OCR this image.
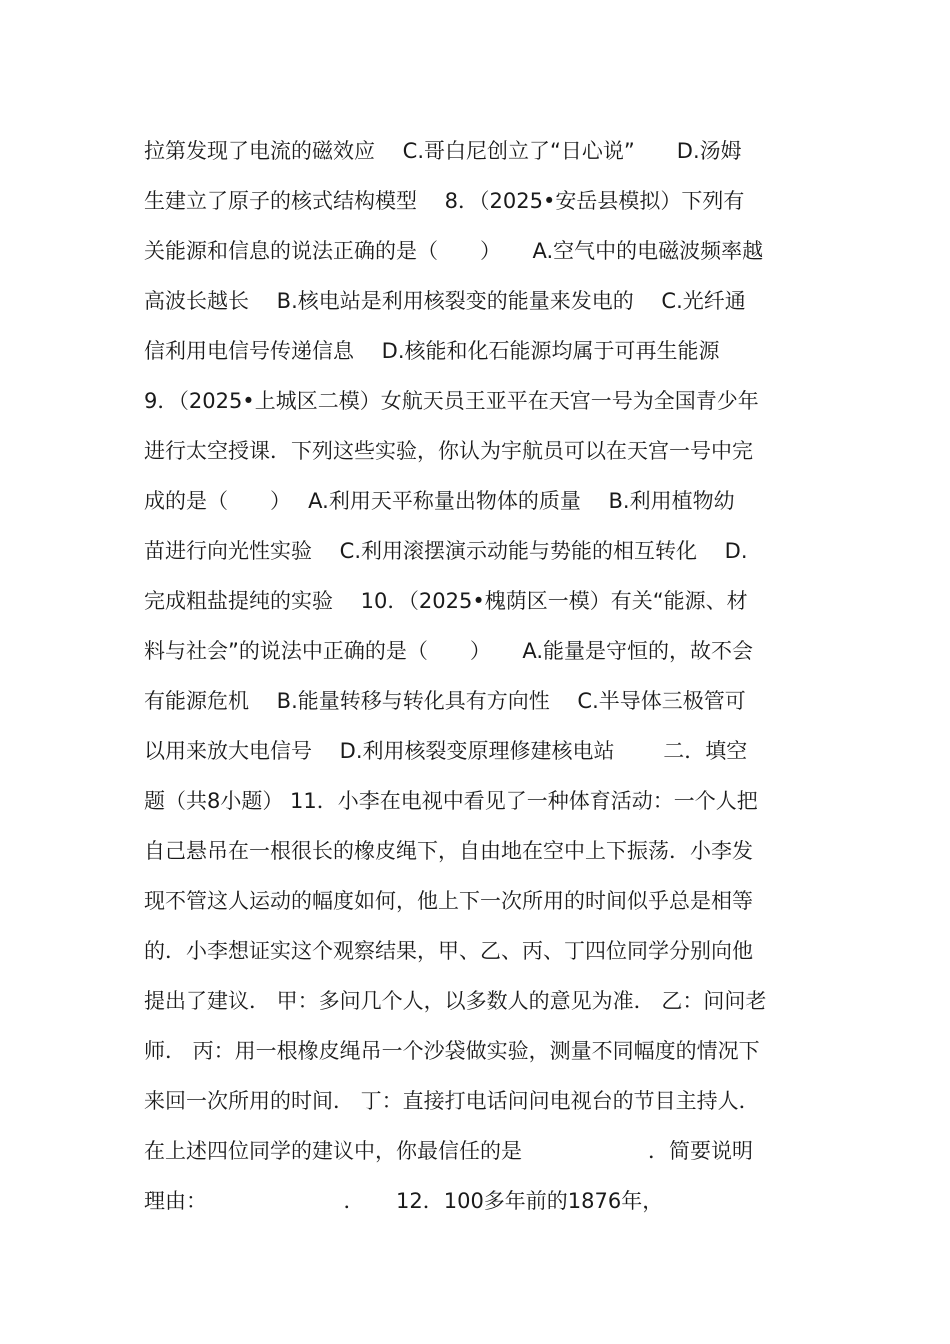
拉第发现了电流的磁效应　 C.哥白尼创立了“日心说”　　D.汤姆
生建立了原子的核式结构模型　 8．（2025•安岳县模拟）下列有
关能源和信息的说法正确的是（　　）　　A.空气中的电磁波频率越
高波长越长　 B.核电站是利用核裂变的能量来发电的　 C.光纤通
信利用电信号传递信息　 D.核能和化石能源均属于可再生能源
9．（2025•上城区二模）女航天员王亚平在天宫一号为全国青少年
进行太空授课．下列这些实验，你认为宇航员可以在天宫一号中完
成的是（　　）　 A.利用天平称量出物体的质量　 B.利用植物幼
苗进行向光性实验　 C.利用滚摆演示动能与势能的相互转化　 D.
完成粗盐提纯的实验　 10．（2025•槐荫区一模）有关“能源、材
料与社会”的说法中正确的是（　　）　　A.能量是守恒的，故不会
有能源危机　 B.能量转移与转化具有方向性　 C.半导体三极管可
以用来放大电信号　 D.利用核裂变原理修建核电站　　 二．填空
题（共8小题） 11．小李在电视中看见了一种体育活动：一个人把
自己悬吊在一根很长的橡皮绳下，自由地在空中上下振荡．小李发
现不管这人运动的幅度如何，他上下一次所用的时间似乎总是相等
的．小李想证实这个观察结果，甲、乙、丙、丁四位同学分别向他
提出了建议． 甲：多问几个人，以多数人的意见为准． 乙：问问老
师． 丙：用一根橡皮绳吊一个沙袋做实验，测量不同幅度的情况下
来回一次所用的时间． 丁：直接打电话问问电视台的节目主持人．
在上述四位同学的建议中，你最信任的是　　　　　　．简要说明
理由：　　　　　　　．　　12．100多年前的1876年，
